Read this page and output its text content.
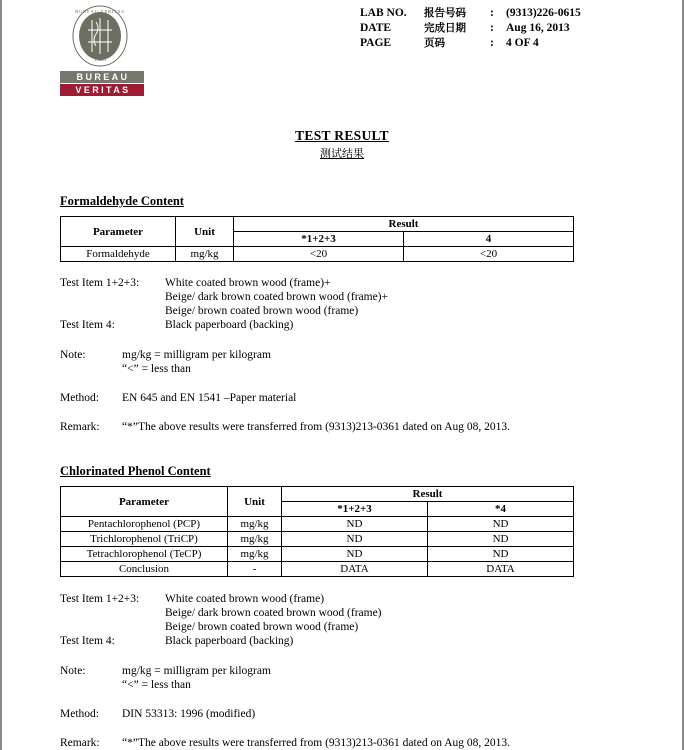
1828
BUREAU VERITAS
BUREAU
VERITAS
LAB NO.	报告号码	:	(9313)226-0615
DATE	完成日期	:	Aug 16, 2013
PAGE	页码	:	4 OF 4
TEST RESULT
测试结果
Formaldehyde Content
Parameter	Unit	Result	
		*1+2+3	4
Formaldehyde	mg/kg	<20	<20
Test Item 1+2+3:	White coated brown wood (frame)+
Beige/ dark brown coated brown wood (frame)+
Beige/ brown coated brown wood (frame)
Test Item 4:	Black paperboard (backing)
Note:	mg/kg = milligram per kilogram
“<” = less than
Method:	EN 645 and EN 1541 –Paper material
Remark:	“*”The above results were transferred from (9313)213-0361 dated on Aug 08, 2013.
Chlorinated Phenol Content
Parameter	Unit	Result	
		*1+2+3	*4
Pentachlorophenol (PCP)	mg/kg	ND	ND
Trichlorophenol (TriCP)	mg/kg	ND	ND
Tetrachlorophenol (TeCP)	mg/kg	ND	ND
Conclusion	-	DATA	DATA
Test Item 1+2+3:	White coated brown wood (frame)
Beige/ dark brown coated brown wood (frame)
Beige/ brown coated brown wood (frame)
Test Item 4:	Black paperboard (backing)
Note:	mg/kg = milligram per kilogram
“<” = less than
Method:	DIN 53313: 1996 (modified)
Remark:	“*”The above results were transferred from (9313)213-0361 dated on Aug 08, 2013.
